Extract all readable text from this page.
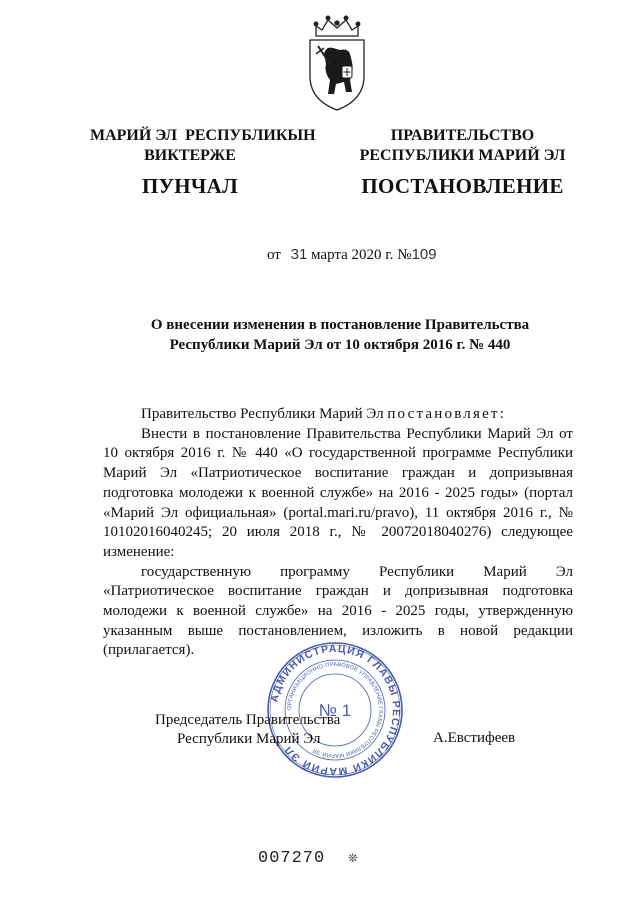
МАРИЙ ЭЛ  РЕСПУБЛИКЫН
ВИКТЕРЖЕ
ПУНЧАЛ
ПРАВИТЕЛЬСТВО
РЕСПУБЛИКИ МАРИЙ ЭЛ
ПОСТАНОВЛЕНИЕ
от 31 марта 2020 г. №109
О внесении изменения в постановление Правительства
Республики Марий Эл от 10 октября 2016 г. № 440

Правительство Республики Марий Эл постановляет:

Внести в постановление Правительства Республики Марий Эл от 10 октября 2016 г. № 440 «О государственной программе Республики Марий Эл «Патриотическое воспитание граждан и допризывная подготовка молодежи к военной службе» на 2016 - 2025 годы» (портал «Марий Эл официальная» (portal.mari.ru/pravo), 11 октября 2016 г., № 10102016040245; 20 июля 2018 г., № 20072018040276) следующее изменение:

государственную программу Республики Марий Эл «Патриотическое воспитание граждан и допризывная подготовка молодежи к военной службе» на 2016 - 2025 годы, утвержденную указанным выше постановлением, изложить в новой редакции (прилагается).

АДМИНИСТРАЦИЯ ГЛАВЫ РЕСПУБЛИКИ МАРИЙ ЭЛ
ОРГАНИЗАЦИОННО-ПРАВОВОЕ УПРАВЛЕНИЕ ГЛАВЫ РЕСПУБЛИКИ МАРИЙ ЭЛ
№ 1
Председатель Правительства
Республики Марий Эл	А.Евстифеев
007270 ❊
